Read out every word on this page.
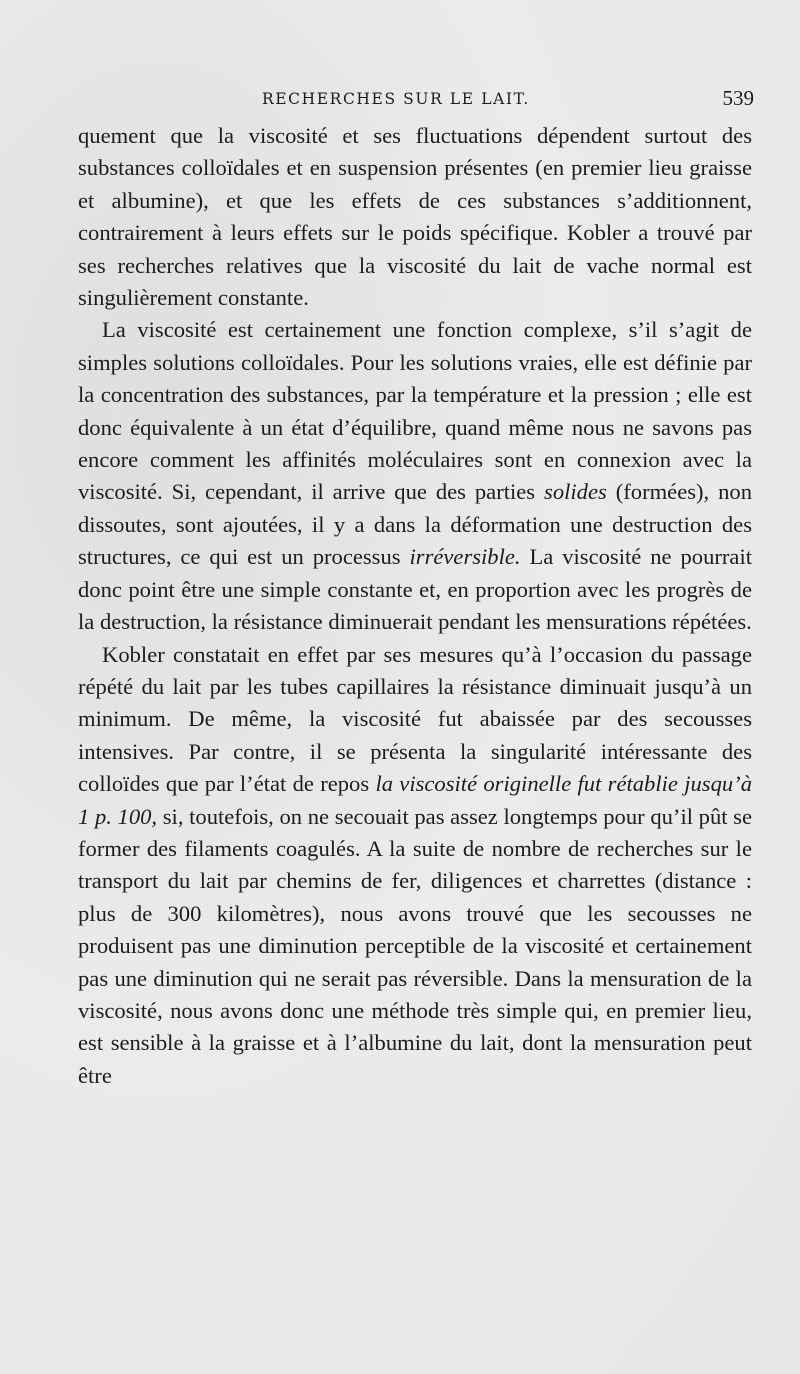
RECHERCHES SUR LE LAIT.	539

quement que la viscosité et ses fluctuations dépendent surtout des substances colloïdales et en suspension présentes (en premier lieu graisse et albumine), et que les effets de ces substances s’additionnent, contrairement à leurs effets sur le poids spécifique. Kobler a trouvé par ses recherches relatives que la viscosité du lait de vache normal est singulièrement constante.

La viscosité est certainement une fonction complexe, s’il s’agit de simples solutions colloïdales. Pour les solutions vraies, elle est définie par la concentration des substances, par la température et la pression ; elle est donc équivalente à un état d’équilibre, quand même nous ne savons pas encore comment les affinités moléculaires sont en connexion avec la viscosité. Si, cependant, il arrive que des parties solides (formées), non dissoutes, sont ajoutées, il y a dans la déformation une destruction des structures, ce qui est un processus irréversible. La viscosité ne pourrait donc point être une simple constante et, en proportion avec les progrès de la destruction, la résistance diminuerait pendant les mensurations répétées.

Kobler constatait en effet par ses mesures qu’à l’occasion du passage répété du lait par les tubes capillaires la résistance diminuait jusqu’à un minimum. De même, la viscosité fut abaissée par des secousses intensives. Par contre, il se présenta la singularité intéressante des colloïdes que par l’état de repos la viscosité originelle fut rétablie jusqu’à 1 p. 100, si, toutefois, on ne secouait pas assez longtemps pour qu’il pût se former des filaments coagulés. A la suite de nombre de recherches sur le transport du lait par chemins de fer, diligences et charrettes (distance : plus de 300 kilomètres), nous avons trouvé que les secousses ne produisent pas une diminution perceptible de la viscosité et certainement pas une diminution qui ne serait pas réversible. Dans la mensuration de la viscosité, nous avons donc une méthode très simple qui, en premier lieu, est sensible à la graisse et à l’albumine du lait, dont la mensuration peut être
